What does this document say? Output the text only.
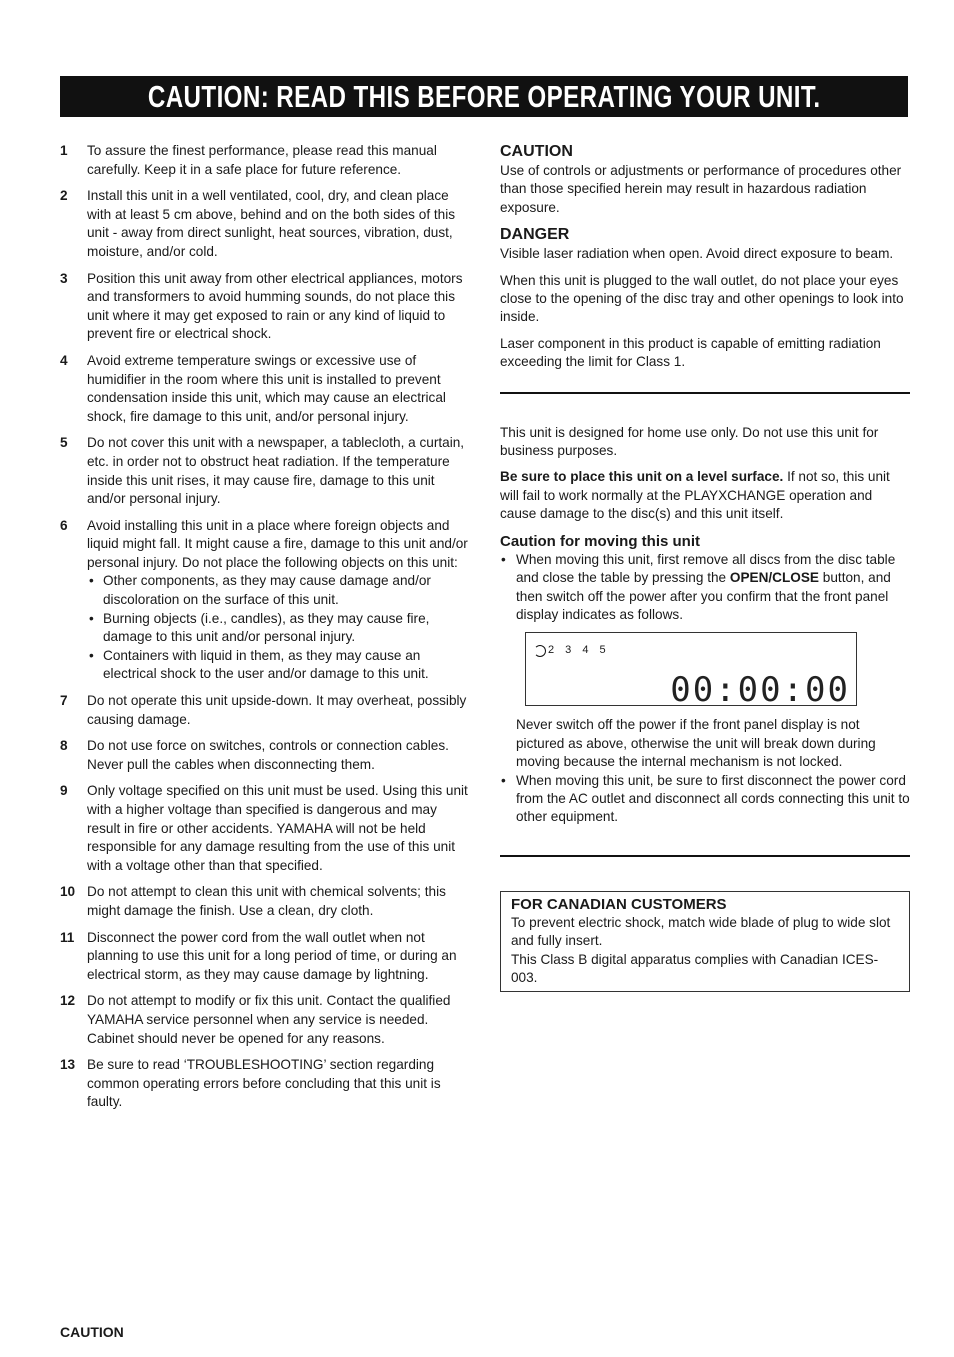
CAUTION: READ THIS BEFORE OPERATING YOUR UNIT.
1 To assure the finest performance, please read this manual carefully. Keep it in a safe place for future reference.
2 Install this unit in a well ventilated, cool, dry, and clean place with at least 5 cm above, behind and on the both sides of this unit - away from direct sunlight, heat sources, vibration, dust, moisture, and/or cold.
3 Position this unit away from other electrical appliances, motors and transformers to avoid humming sounds, do not place this unit where it may get exposed to rain or any kind of liquid to prevent fire or electrical shock.
4 Avoid extreme temperature swings or excessive use of humidifier in the room where this unit is installed to prevent condensation inside this unit, which may cause an electrical shock, fire damage to this unit, and/or personal injury.
5 Do not cover this unit with a newspaper, a tablecloth, a curtain, etc. in order not to obstruct heat radiation. If the temperature inside this unit rises, it may cause fire, damage to this unit and/or personal injury.
6 Avoid installing this unit in a place where foreign objects and liquid might fall. It might cause a fire, damage to this unit and/or personal injury. Do not place the following objects on this unit:
• Other components, as they may cause damage and/or discoloration on the surface of this unit.
• Burning objects (i.e., candles), as they may cause fire, damage to this unit and/or personal injury.
• Containers with liquid in them, as they may cause an electrical shock to the user and/or damage to this unit.
7 Do not operate this unit upside-down. It may overheat, possibly causing damage.
8 Do not use force on switches, controls or connection cables. Never pull the cables when disconnecting them.
9 Only voltage specified on this unit must be used. Using this unit with a higher voltage than specified is dangerous and may result in fire or other accidents. YAMAHA will not be held responsible for any damage resulting from the use of this unit with a voltage other than that specified.
10 Do not attempt to clean this unit with chemical solvents; this might damage the finish. Use a clean, dry cloth.
11 Disconnect the power cord from the wall outlet when not planning to use this unit for a long period of time, or during an electrical storm, as they may cause damage by lightning.
12 Do not attempt to modify or fix this unit. Contact the qualified YAMAHA service personnel when any service is needed. Cabinet should never be opened for any reasons.
13 Be sure to read ‘TROUBLESHOOTING’ section regarding common operating errors before concluding that this unit is faulty.

CAUTION

Use of controls or adjustments or performance of procedures other than those specified herein may result in hazardous radiation exposure.

DANGER

Visible laser radiation when open. Avoid direct exposure to beam.

When this unit is plugged to the wall outlet, do not place your eyes close to the opening of the disc tray and other openings to look into inside.

Laser component in this product is capable of emitting radiation exceeding the limit for Class 1.

This unit is designed for home use only. Do not use this unit for business purposes.

Be sure to place this unit on a level surface. If not so, this unit will fail to work normally at the PLAYXCHANGE operation and cause damage to the disc(s) and this unit itself.

Caution for moving this unit

• When moving this unit, first remove all discs from the disc table and close the table by pressing the OPEN/CLOSE button, and then switch off the power after you confirm that the front panel display indicates as follows.
2 3 4 5
00:00:00
Never switch off the power if the front panel display is not pictured as above, otherwise the unit will break down during moving because the internal mechanism is not locked.
• When moving this unit, be sure to first disconnect the power cord from the AC outlet and disconnect all cords connecting this unit to other equipment.

FOR CANADIAN CUSTOMERS

To prevent electric shock, match wide blade of plug to wide slot and fully insert.
This Class B digital apparatus complies with Canadian ICES-003.
CAUTION
